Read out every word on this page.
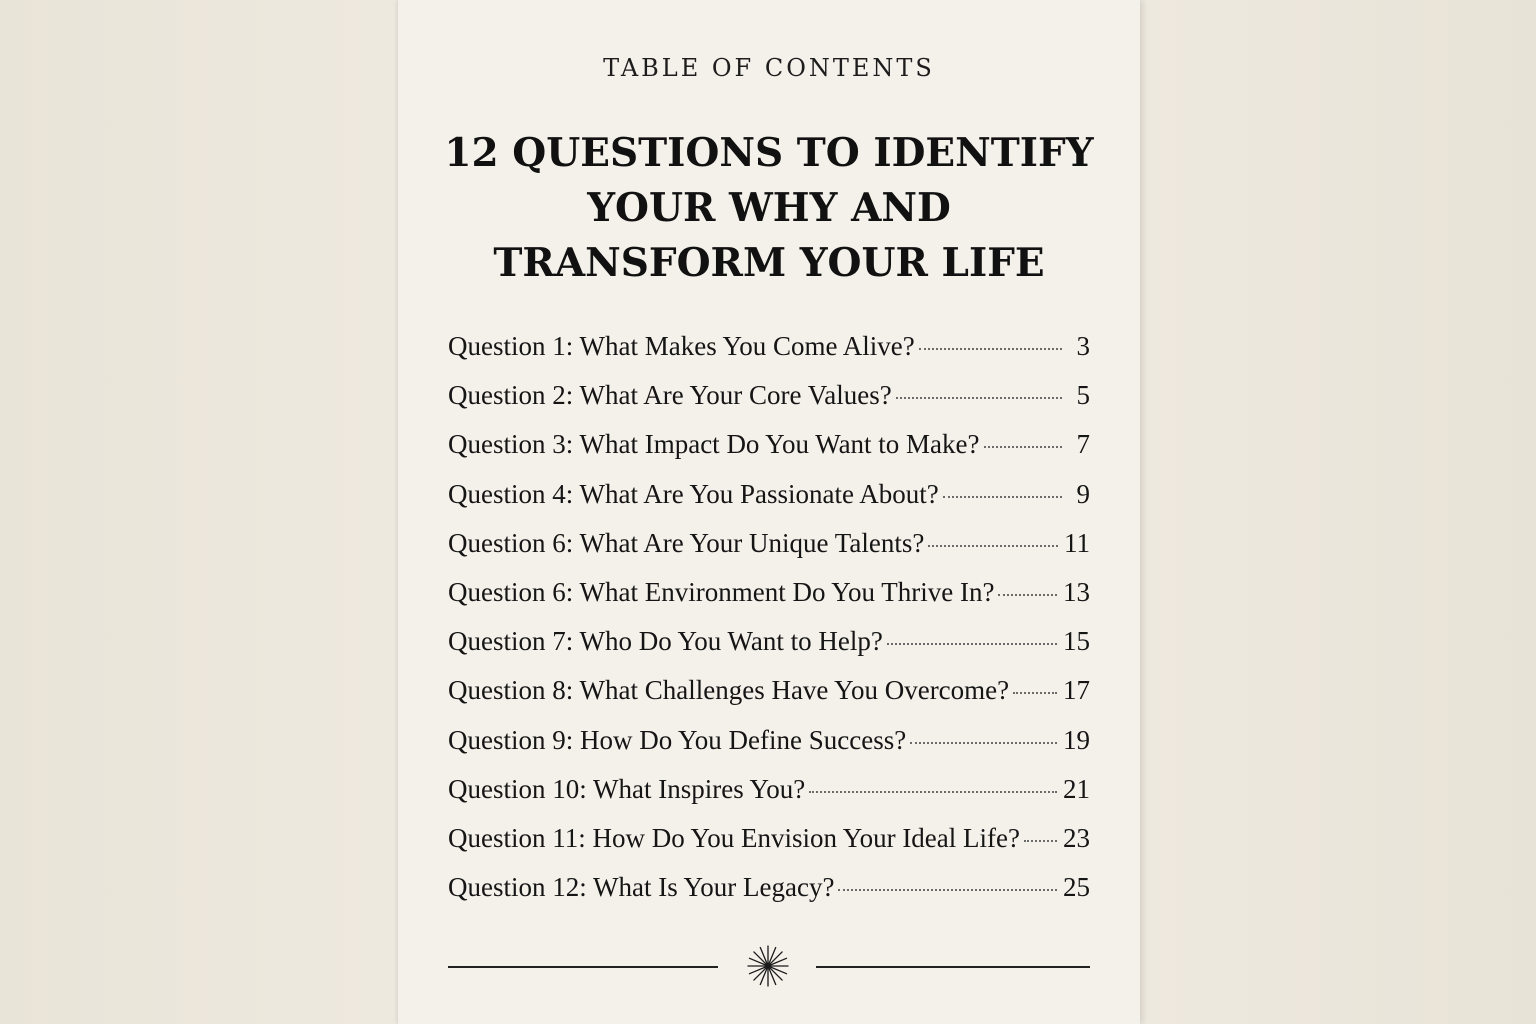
TABLE OF CONTENTS
12 QUESTIONS TO IDENTIFY
YOUR WHY AND
TRANSFORM YOUR LIFE
Question 1: What Makes You Come Alive?	3
Question 2: What Are Your Core Values?	5
Question 3: What Impact Do You Want to Make?	7
Question 4: What Are You Passionate About?	9
Question 6: What Are Your Unique Talents?	11
Question 6: What Environment Do You Thrive In?	13
Question 7: Who Do You Want to Help?	15
Question 8: What Challenges Have You Overcome? 17
Question 9: How Do You Define Success?	19
Question 10: What Inspires You?	21
Question 11: How Do You Envision Your Ideal Life? 23
Question 12: What Is Your Legacy?	25
